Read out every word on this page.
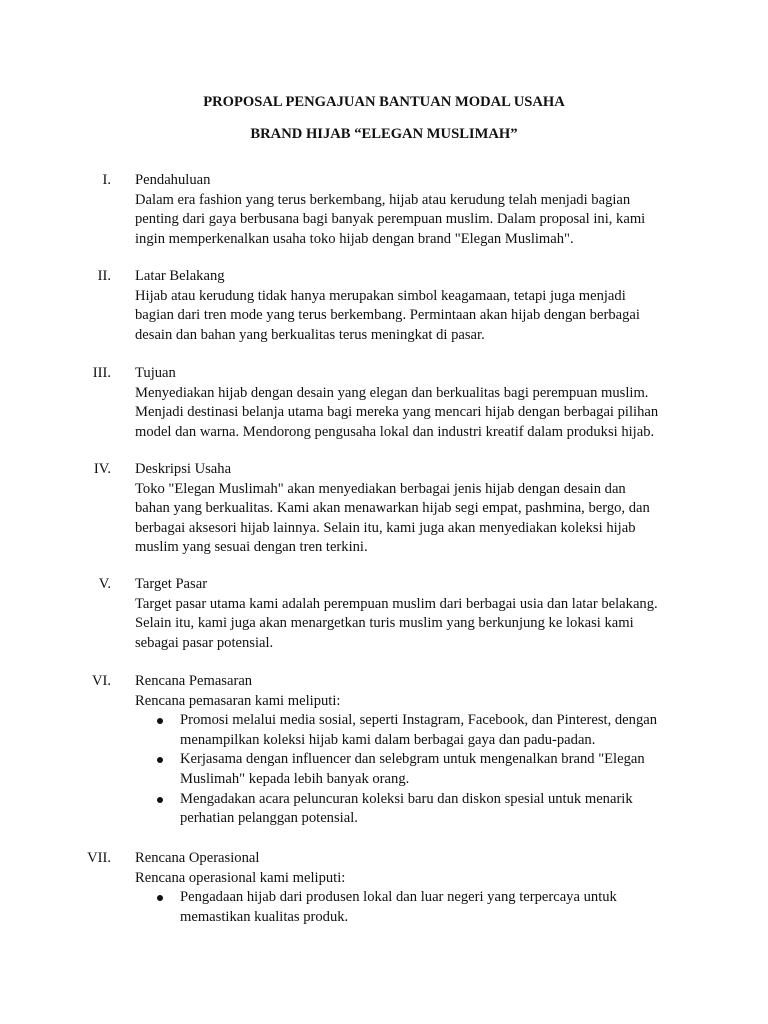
PROPOSAL PENGAJUAN BANTUAN MODAL USAHA
BRAND HIJAB “ELEGAN MUSLIMAH”
I. Pendahuluan
Dalam era fashion yang terus berkembang, hijab atau kerudung telah menjadi bagian
penting dari gaya berbusana bagi banyak perempuan muslim. Dalam proposal ini, kami
ingin memperkenalkan usaha toko hijab dengan brand "Elegan Muslimah".
II. Latar Belakang
Hijab atau kerudung tidak hanya merupakan simbol keagamaan, tetapi juga menjadi
bagian dari tren mode yang terus berkembang. Permintaan akan hijab dengan berbagai
desain dan bahan yang berkualitas terus meningkat di pasar.
III. Tujuan
Menyediakan hijab dengan desain yang elegan dan berkualitas bagi perempuan muslim.
Menjadi destinasi belanja utama bagi mereka yang mencari hijab dengan berbagai pilihan
model dan warna. Mendorong pengusaha lokal dan industri kreatif dalam produksi hijab.
IV. Deskripsi Usaha
Toko "Elegan Muslimah" akan menyediakan berbagai jenis hijab dengan desain dan
bahan yang berkualitas. Kami akan menawarkan hijab segi empat, pashmina, bergo, dan
berbagai aksesori hijab lainnya. Selain itu, kami juga akan menyediakan koleksi hijab
muslim yang sesuai dengan tren terkini.
V. Target Pasar
Target pasar utama kami adalah perempuan muslim dari berbagai usia dan latar belakang.
Selain itu, kami juga akan menargetkan turis muslim yang berkunjung ke lokasi kami
sebagai pasar potensial.
VI. Rencana Pemasaran
Rencana pemasaran kami meliputi:
Promosi melalui media sosial, seperti Instagram, Facebook, dan Pinterest, dengan
menampilkan koleksi hijab kami dalam berbagai gaya dan padu-padan.
Kerjasama dengan influencer dan selebgram untuk mengenalkan brand "Elegan
Muslimah" kepada lebih banyak orang.
Mengadakan acara peluncuran koleksi baru dan diskon spesial untuk menarik
perhatian pelanggan potensial.
VII. Rencana Operasional
Rencana operasional kami meliputi:
Pengadaan hijab dari produsen lokal dan luar negeri yang terpercaya untuk
memastikan kualitas produk.
